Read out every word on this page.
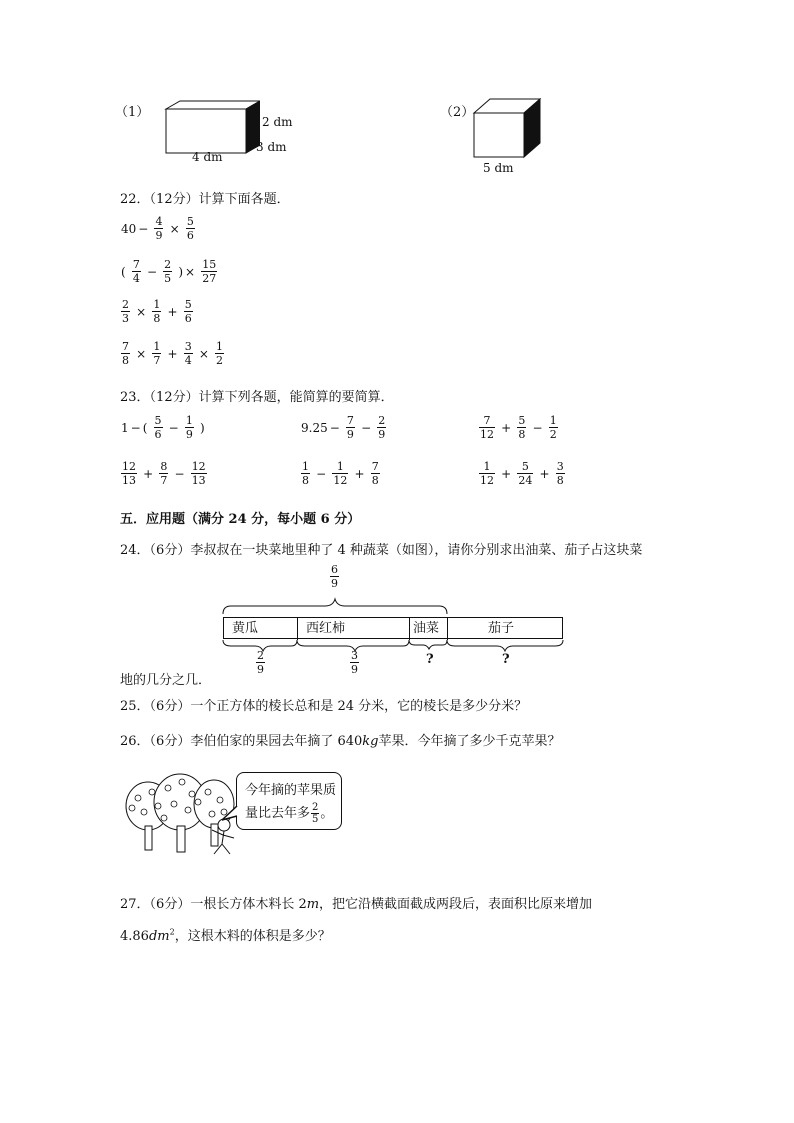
（1）
2 dm
3 dm
4 dm
（2）
5 dm
22．（12分）计算下面各题．
$40 - \frac{4}{9} \times \frac{5}{6}$
( $\frac{7}{4} - \frac{2}{5}$ ) × $\frac{15}{27}$
$\frac{2}{3} \times \frac{1}{8} + \frac{5}{6}$
$\frac{7}{8} \times \frac{1}{7} + \frac{3}{4} \times \frac{1}{2}$
23．（12分）计算下列各题，能简算的要简算．
1 − ( $\frac{5}{6} - \frac{1}{9}$ )	$9.25 - \frac{7}{9} - \frac{2}{9}$	$\frac{7}{12} + \frac{5}{8} - \frac{1}{2}$
$\frac{12}{13} + \frac{8}{7} - \frac{12}{13}$	$\frac{1}{8} - \frac{1}{12} + \frac{7}{8}$	$\frac{1}{12} + \frac{5}{24} + \frac{3}{8}$
五．应用题（满分 24 分，每小题 6 分）
24．（6分）李叔叔在一块菜地里种了 4 种蔬菜（如图），请你分别求出油菜、茄子占这块菜
$\frac{6}{9}$
黄瓜	西红柿	油菜	茄子
$\frac{2}{9}$	$\frac{3}{9}$	?	?
地的几分之几．
25．（6分）一个正方体的棱长总和是 24 分米，它的棱长是多少分米？
26．（6分）李伯伯家的果园去年摘了 640kg苹果．今年摘了多少千克苹果？
今年摘的苹果质
量比去年多 $\frac{2}{5}$ 。
27．（6分）一根长方体木料长 2m，把它沿横截面截成两段后，表面积比原来增加
$4.86dm^2$，这根木料的体积是多少？
